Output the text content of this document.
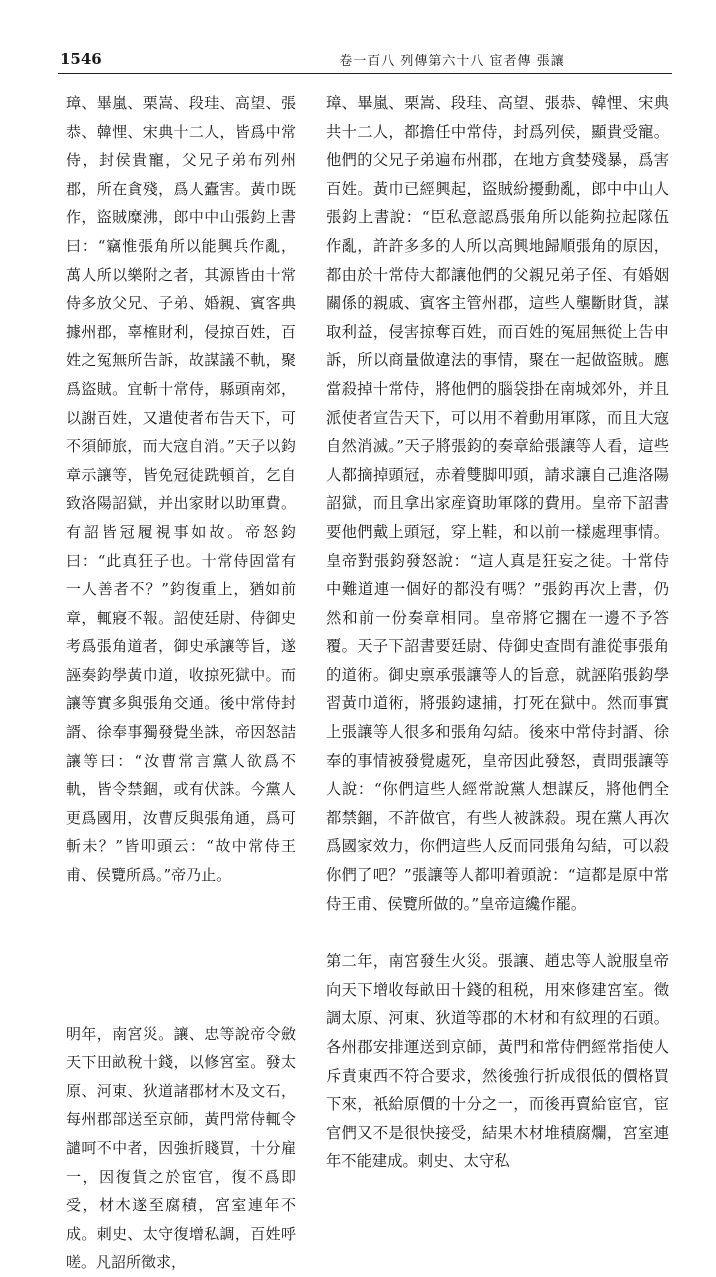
1546	卷一百八 列傳第六十八 宦者傳 張讓

璋、畢嵐、栗嵩、段珪、高望、張恭、韓悝、宋典十二人，皆爲中常侍，封侯貴寵，父兄子弟布列州郡，所在貪殘，爲人蠹害。黃巾既作，盜賊糜沸，郎中中山張鈞上書曰：“竊惟張角所以能興兵作亂，萬人所以樂附之者，其源皆由十常侍多放父兄、子弟、婚親、賓客典據州郡，辜榷財利，侵掠百姓，百姓之冤無所告訴，故謀議不軌，聚爲盜賊。宜斬十常侍，縣頭南郊，以謝百姓，又遣使者布告天下，可不須師旅，而大寇自消。”天子以鈞章示讓等，皆免冠徒跣頓首，乞自致洛陽詔獄，并出家財以助軍費。有詔皆冠履視事如故。帝怒鈞曰：“此真狂子也。十常侍固當有一人善者不？”鈞復重上，猶如前章，輒寢不報。詔使廷尉、侍御史考爲張角道者，御史承讓等旨，遂誣奏鈞學黃巾道，收掠死獄中。而讓等實多與張角交通。後中常侍封諝、徐奉事獨發覺坐誅，帝因怒詰讓等曰：“汝曹常言黨人欲爲不軌，皆令禁錮，或有伏誅。今黨人更爲國用，汝曹反與張角通，爲可斬未？”皆叩頭云：“故中常侍王甫、侯覽所爲。”帝乃止。

明年，南宮災。讓、忠等說帝令斂天下田畝稅十錢，以修宮室。發太原、河東、狄道諸郡材木及文石，每州郡部送至京師，黃門常侍輒令譴呵不中者，因強折賤買，十分雇一，因復貨之於宦官，復不爲即受，材木遂至腐積，宮室連年不成。刺史、太守復增私調，百姓呼嗟。凡詔所徵求，

璋、畢嵐、栗嵩、段珪、高望、張恭、韓悝、宋典共十二人，都擔任中常侍，封爲列侯，顯貴受寵。他們的父兄子弟遍布州郡，在地方貪婪殘暴，爲害百姓。黃巾已經興起，盜賊紛擾動亂，郎中中山人張鈞上書說：“臣私意認爲張角所以能夠拉起隊伍作亂，許許多多的人所以高興地歸順張角的原因，都由於十常侍大都讓他們的父親兄弟子侄、有婚姻關係的親戚、賓客主管州郡，這些人壟斷財貨，謀取利益，侵害掠奪百姓，而百姓的冤屈無從上告申訴，所以商量做違法的事情，聚在一起做盜賊。應當殺掉十常侍，將他們的腦袋掛在南城郊外，并且派使者宣告天下，可以用不着動用軍隊，而且大寇自然消滅。”天子將張鈞的奏章給張讓等人看，這些人都摘掉頭冠，赤着雙脚叩頭，請求讓自己進洛陽詔獄，而且拿出家産資助軍隊的費用。皇帝下詔書要他們戴上頭冠，穿上鞋，和以前一樣處理事情。皇帝對張鈞發怒說：“這人真是狂妄之徒。十常侍中難道連一個好的都没有嗎？”張鈞再次上書，仍然和前一份奏章相同。皇帝將它擱在一邊不予答覆。天子下詔書要廷尉、侍御史查問有誰從事張角的道術。御史禀承張讓等人的旨意，就誣陷張鈞學習黃巾道術，將張鈞逮捕，打死在獄中。然而事實上張讓等人很多和張角勾結。後來中常侍封諝、徐奉的事情被發覺處死，皇帝因此發怒，責問張讓等人說：“你們這些人經常說黨人想謀反，將他們全都禁錮，不許做官，有些人被誅殺。現在黨人再次爲國家效力，你們這些人反而同張角勾結，可以殺你們了吧？”張讓等人都叩着頭說：“這都是原中常侍王甫、侯覽所做的。”皇帝這纔作罷。

第二年，南宮發生火災。張讓、趙忠等人說服皇帝向天下增收每畝田十錢的租税，用來修建宮室。徵調太原、河東、狄道等郡的木材和有紋理的石頭。各州郡安排運送到京師，黃門和常侍們經常指使人斥責東西不符合要求，然後強行折成很低的價格買下來，衹給原價的十分之一，而後再賣給宦官，宦官們又不是很快接受，結果木材堆積腐爛，宮室連年不能建成。刺史、太守私
